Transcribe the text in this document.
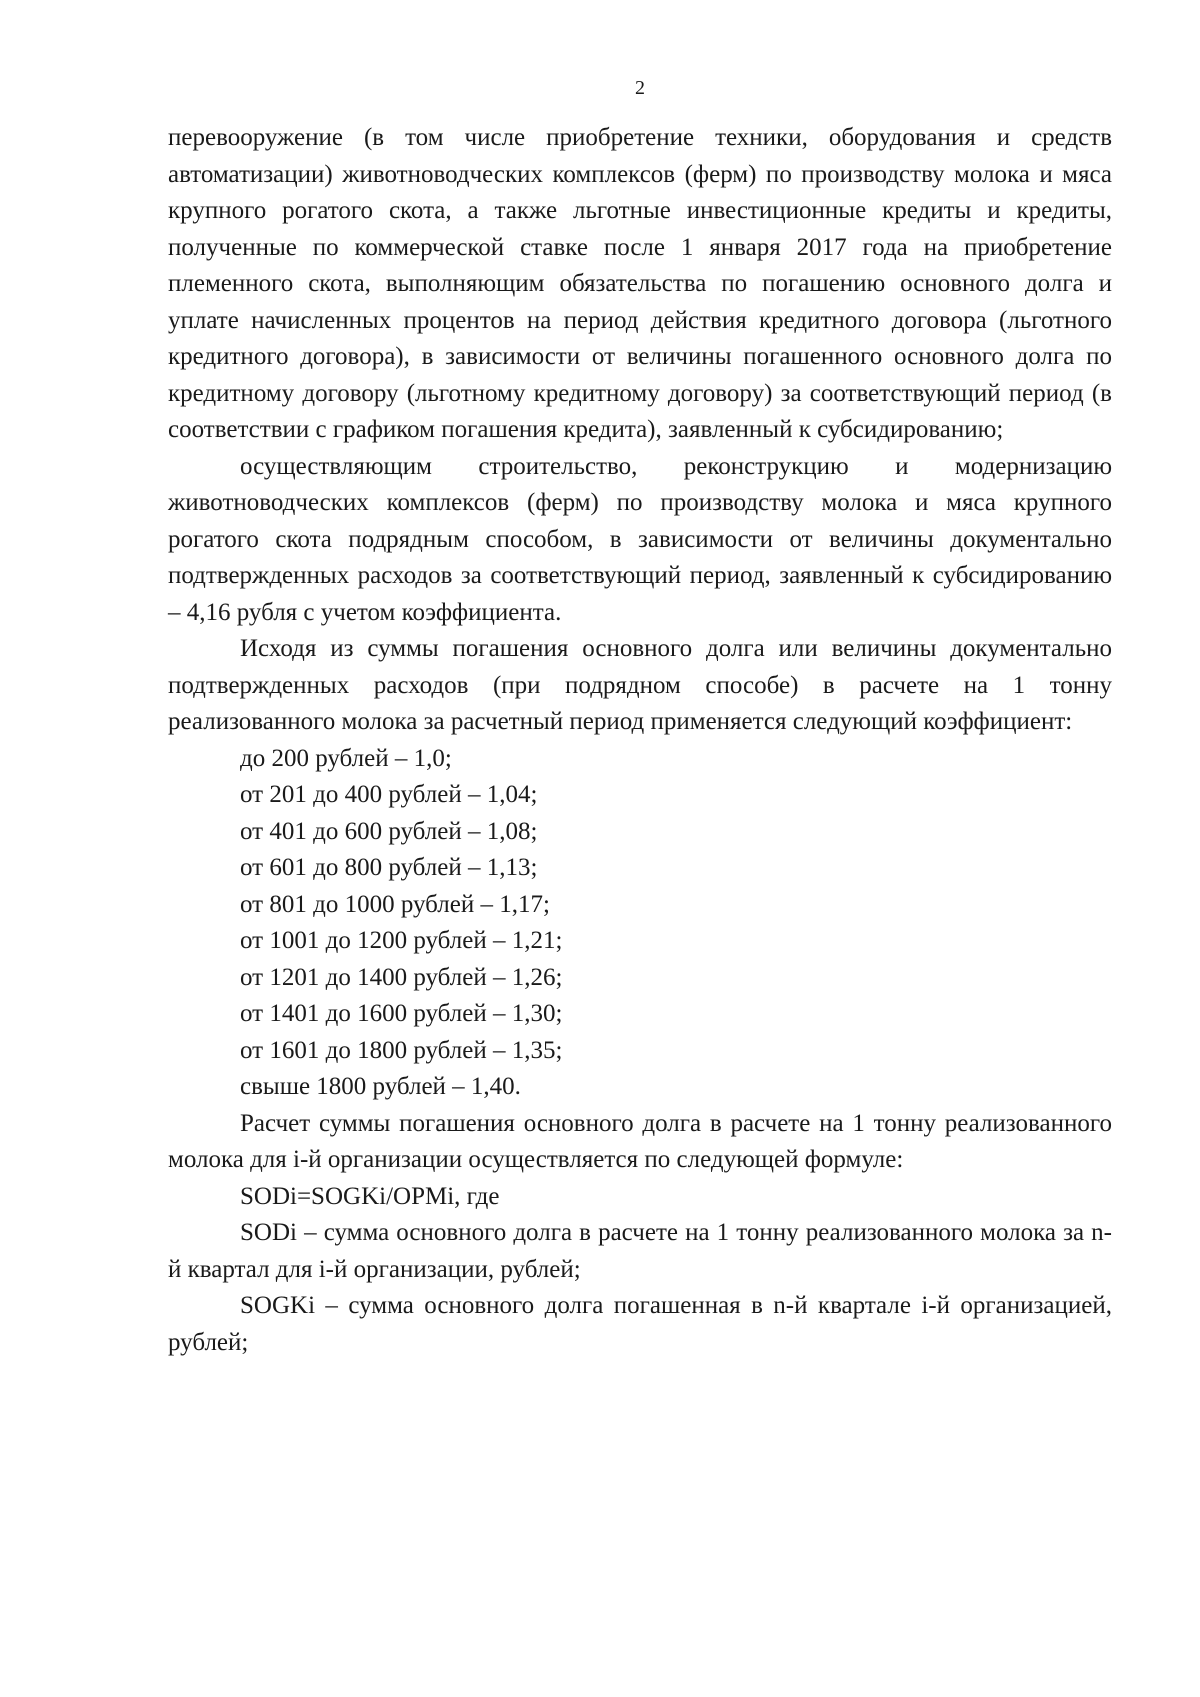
2

перевооружение (в том числе приобретение техники, оборудования и средств автоматизации) животноводческих комплексов (ферм) по производству молока и мяса крупного рогатого скота, а также льготные инвестиционные кредиты и кредиты, полученные по коммерческой ставке после 1 января 2017 года на приобретение племенного скота, выполняющим обязательства по погашению основного долга и уплате начисленных процентов на период действия кредитного договора (льготного кредитного договора), в зависимости от величины погашенного основного долга по кредитному договору (льготному кредитному договору) за соответствующий период (в соответствии с графиком погашения кредита), заявленный к субсидированию;

осуществляющим строительство, реконструкцию и модернизацию животноводческих комплексов (ферм) по производству молока и мяса крупного рогатого скота подрядным способом, в зависимости от величины документально подтвержденных расходов за соответствующий период, заявленный к субсидированию – 4,16 рубля с учетом коэффициента.

Исходя из суммы погашения основного долга или величины документально подтвержденных расходов (при подрядном способе) в расчете на 1 тонну реализованного молока за расчетный период применяется следующий коэффициент:

до 200 рублей – 1,0;

от 201 до 400 рублей – 1,04;

от 401 до 600 рублей – 1,08;

от 601 до 800 рублей – 1,13;

от 801 до 1000 рублей – 1,17;

от 1001 до 1200 рублей – 1,21;

от 1201 до 1400 рублей – 1,26;

от 1401 до 1600 рублей – 1,30;

от 1601 до 1800 рублей – 1,35;

свыше 1800 рублей – 1,40.

Расчет суммы погашения основного долга в расчете на 1 тонну реализованного молока для i-й организации осуществляется по следующей формуле:

SODi=SOGKi/OPMi, где

SODi – сумма основного долга в расчете на 1 тонну реализованного молока за n-й квартал для i-й организации, рублей;

SOGKi – сумма основного долга погашенная в n-й квартале i-й организацией, рублей;
